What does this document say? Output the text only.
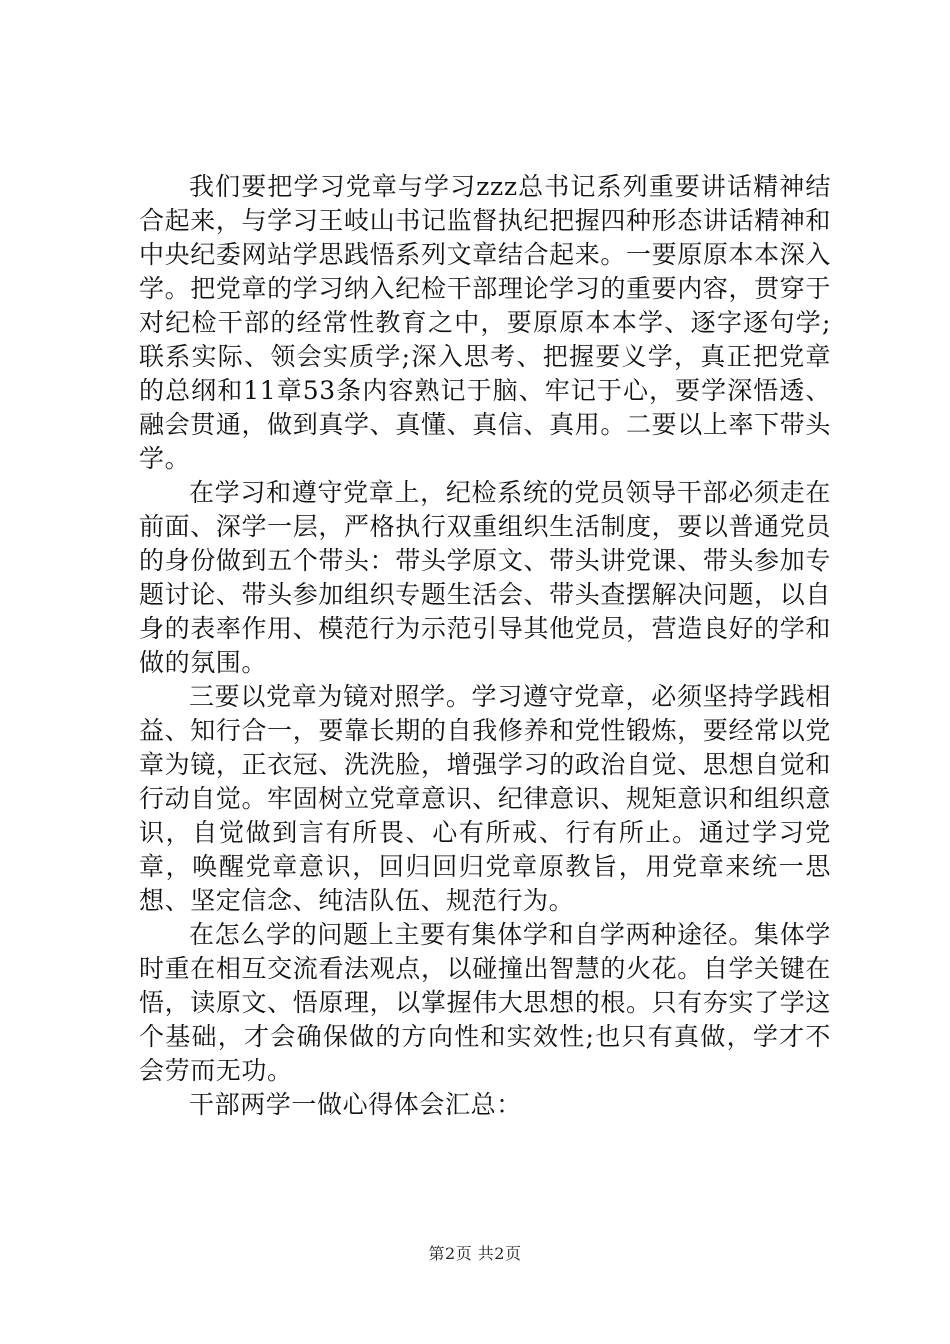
我们要把学习党章与学习zzz总书记系列重要讲话精神结合起来，与学习王岐山书记监督执纪把握四种形态讲话精神和中央纪委网站学思践悟系列文章结合起来。一要原原本本深入学。把党章的学习纳入纪检干部理论学习的重要内容，贯穿于对纪检干部的经常性教育之中，要原原本本学、逐字逐句学;联系实际、领会实质学;深入思考、把握要义学，真正把党章的总纲和11章53条内容熟记于脑、牢记于心，要学深悟透、融会贯通，做到真学、真懂、真信、真用。二要以上率下带头学。

在学习和遵守党章上，纪检系统的党员领导干部必须走在前面、深学一层，严格执行双重组织生活制度，要以普通党员的身份做到五个带头：带头学原文、带头讲党课、带头参加专题讨论、带头参加组织专题生活会、带头查摆解决问题，以自身的表率作用、模范行为示范引导其他党员，营造良好的学和做的氛围。

三要以党章为镜对照学。学习遵守党章，必须坚持学践相益、知行合一，要靠长期的自我修养和党性锻炼，要经常以党章为镜，正衣冠、洗洗脸，增强学习的政治自觉、思想自觉和行动自觉。牢固树立党章意识、纪律意识、规矩意识和组织意识，自觉做到言有所畏、心有所戒、行有所止。通过学习党章，唤醒党章意识，回归回归党章原教旨，用党章来统一思想、坚定信念、纯洁队伍、规范行为。

在怎么学的问题上主要有集体学和自学两种途径。集体学时重在相互交流看法观点，以碰撞出智慧的火花。自学关键在悟，读原文、悟原理，以掌握伟大思想的根。只有夯实了学这个基础，才会确保做的方向性和实效性;也只有真做，学才不会劳而无功。

干部两学一做心得体会汇总：

第2页 共2页
